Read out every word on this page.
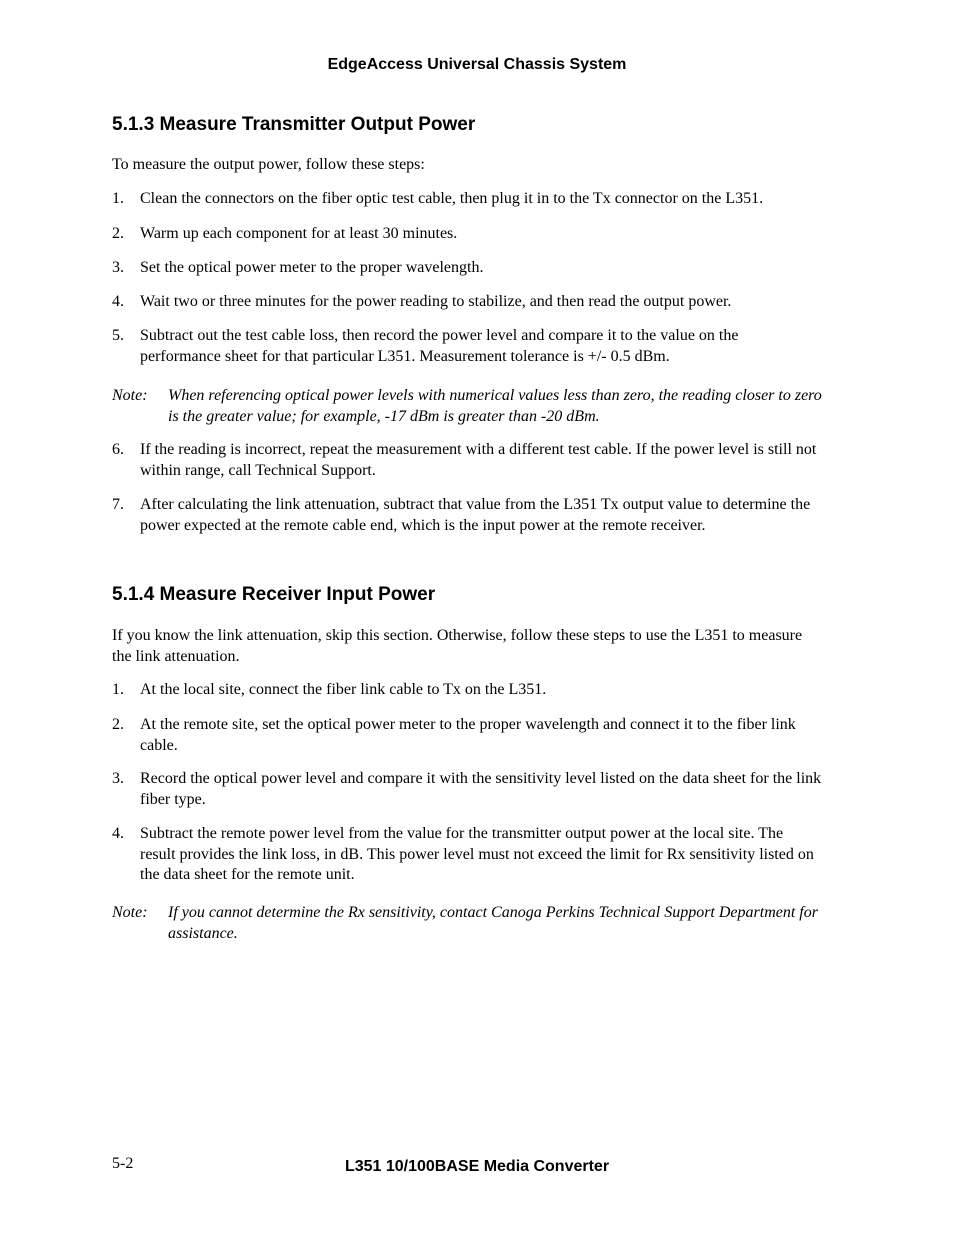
EdgeAccess Universal Chassis System
5.1.3 Measure Transmitter Output Power
To measure the output power, follow these steps:
1.	Clean the connectors on the fiber optic test cable, then plug it in to the Tx connector on the L351.
2.	Warm up each component for at least 30 minutes.
3.	Set the optical power meter to the proper wavelength.
4.	Wait two or three minutes for the power reading to stabilize, and then read the output power.
5.	Subtract out the test cable loss, then record the power level and compare it to the value on the performance sheet for that particular L351. Measurement tolerance is +/- 0.5 dBm.
Note: When referencing optical power levels with numerical values less than zero, the reading closer to zero is the greater value; for example, -17 dBm is greater than -20 dBm.
6.	If the reading is incorrect, repeat the measurement with a different test cable. If the power level is still not within range, call Technical Support.
7.	After calculating the link attenuation, subtract that value from the L351 Tx output value to determine the power expected at the remote cable end, which is the input power at the remote receiver.
5.1.4 Measure Receiver Input Power
If you know the link attenuation, skip this section. Otherwise, follow these steps to use the L351 to measure the link attenuation.
1.	At the local site, connect the fiber link cable to Tx on the L351.
2.	At the remote site, set the optical power meter to the proper wavelength and connect it to the fiber link cable.
3.	Record the optical power level and compare it with the sensitivity level listed on the data sheet for the link fiber type.
4.	Subtract the remote power level from the value for the transmitter output power at the local site. The result provides the link loss, in dB. This power level must not exceed the limit for Rx sensitivity listed on the data sheet for the remote unit.
Note: If you cannot determine the Rx sensitivity, contact Canoga Perkins Technical Support Department for assistance.
5-2	L351 10/100BASE Media Converter
